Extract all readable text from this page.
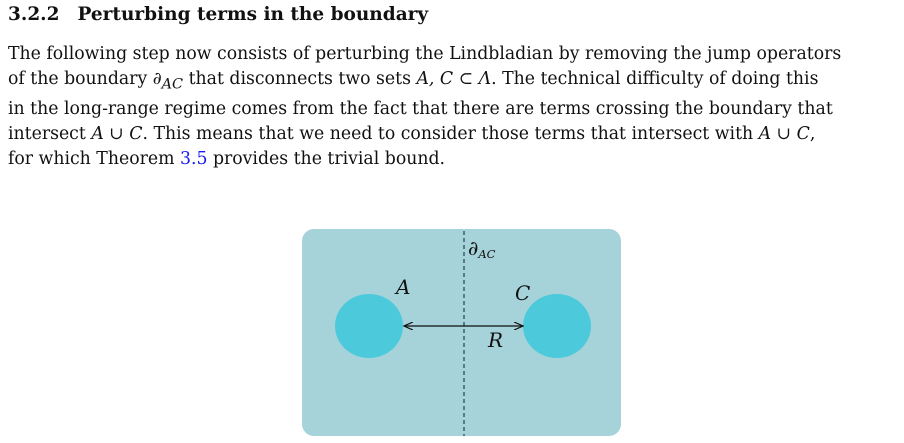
3.2.2 Perturbing terms in the boundary

The following step now consists of perturbing the Lindbladian by removing the jump operators
of the boundary $\partial_{AC}$ that disconnects two sets A, C ⊂ Λ. The technical difficulty of doing this
in the long-range regime comes from the fact that there are terms crossing the boundary that
intersect A ∪ C. This means that we need to consider those terms that intersect with A ∪ C,
for which Theorem 3.5 provides the trivial bound.

$\partial_{AC}$
A	C
R
